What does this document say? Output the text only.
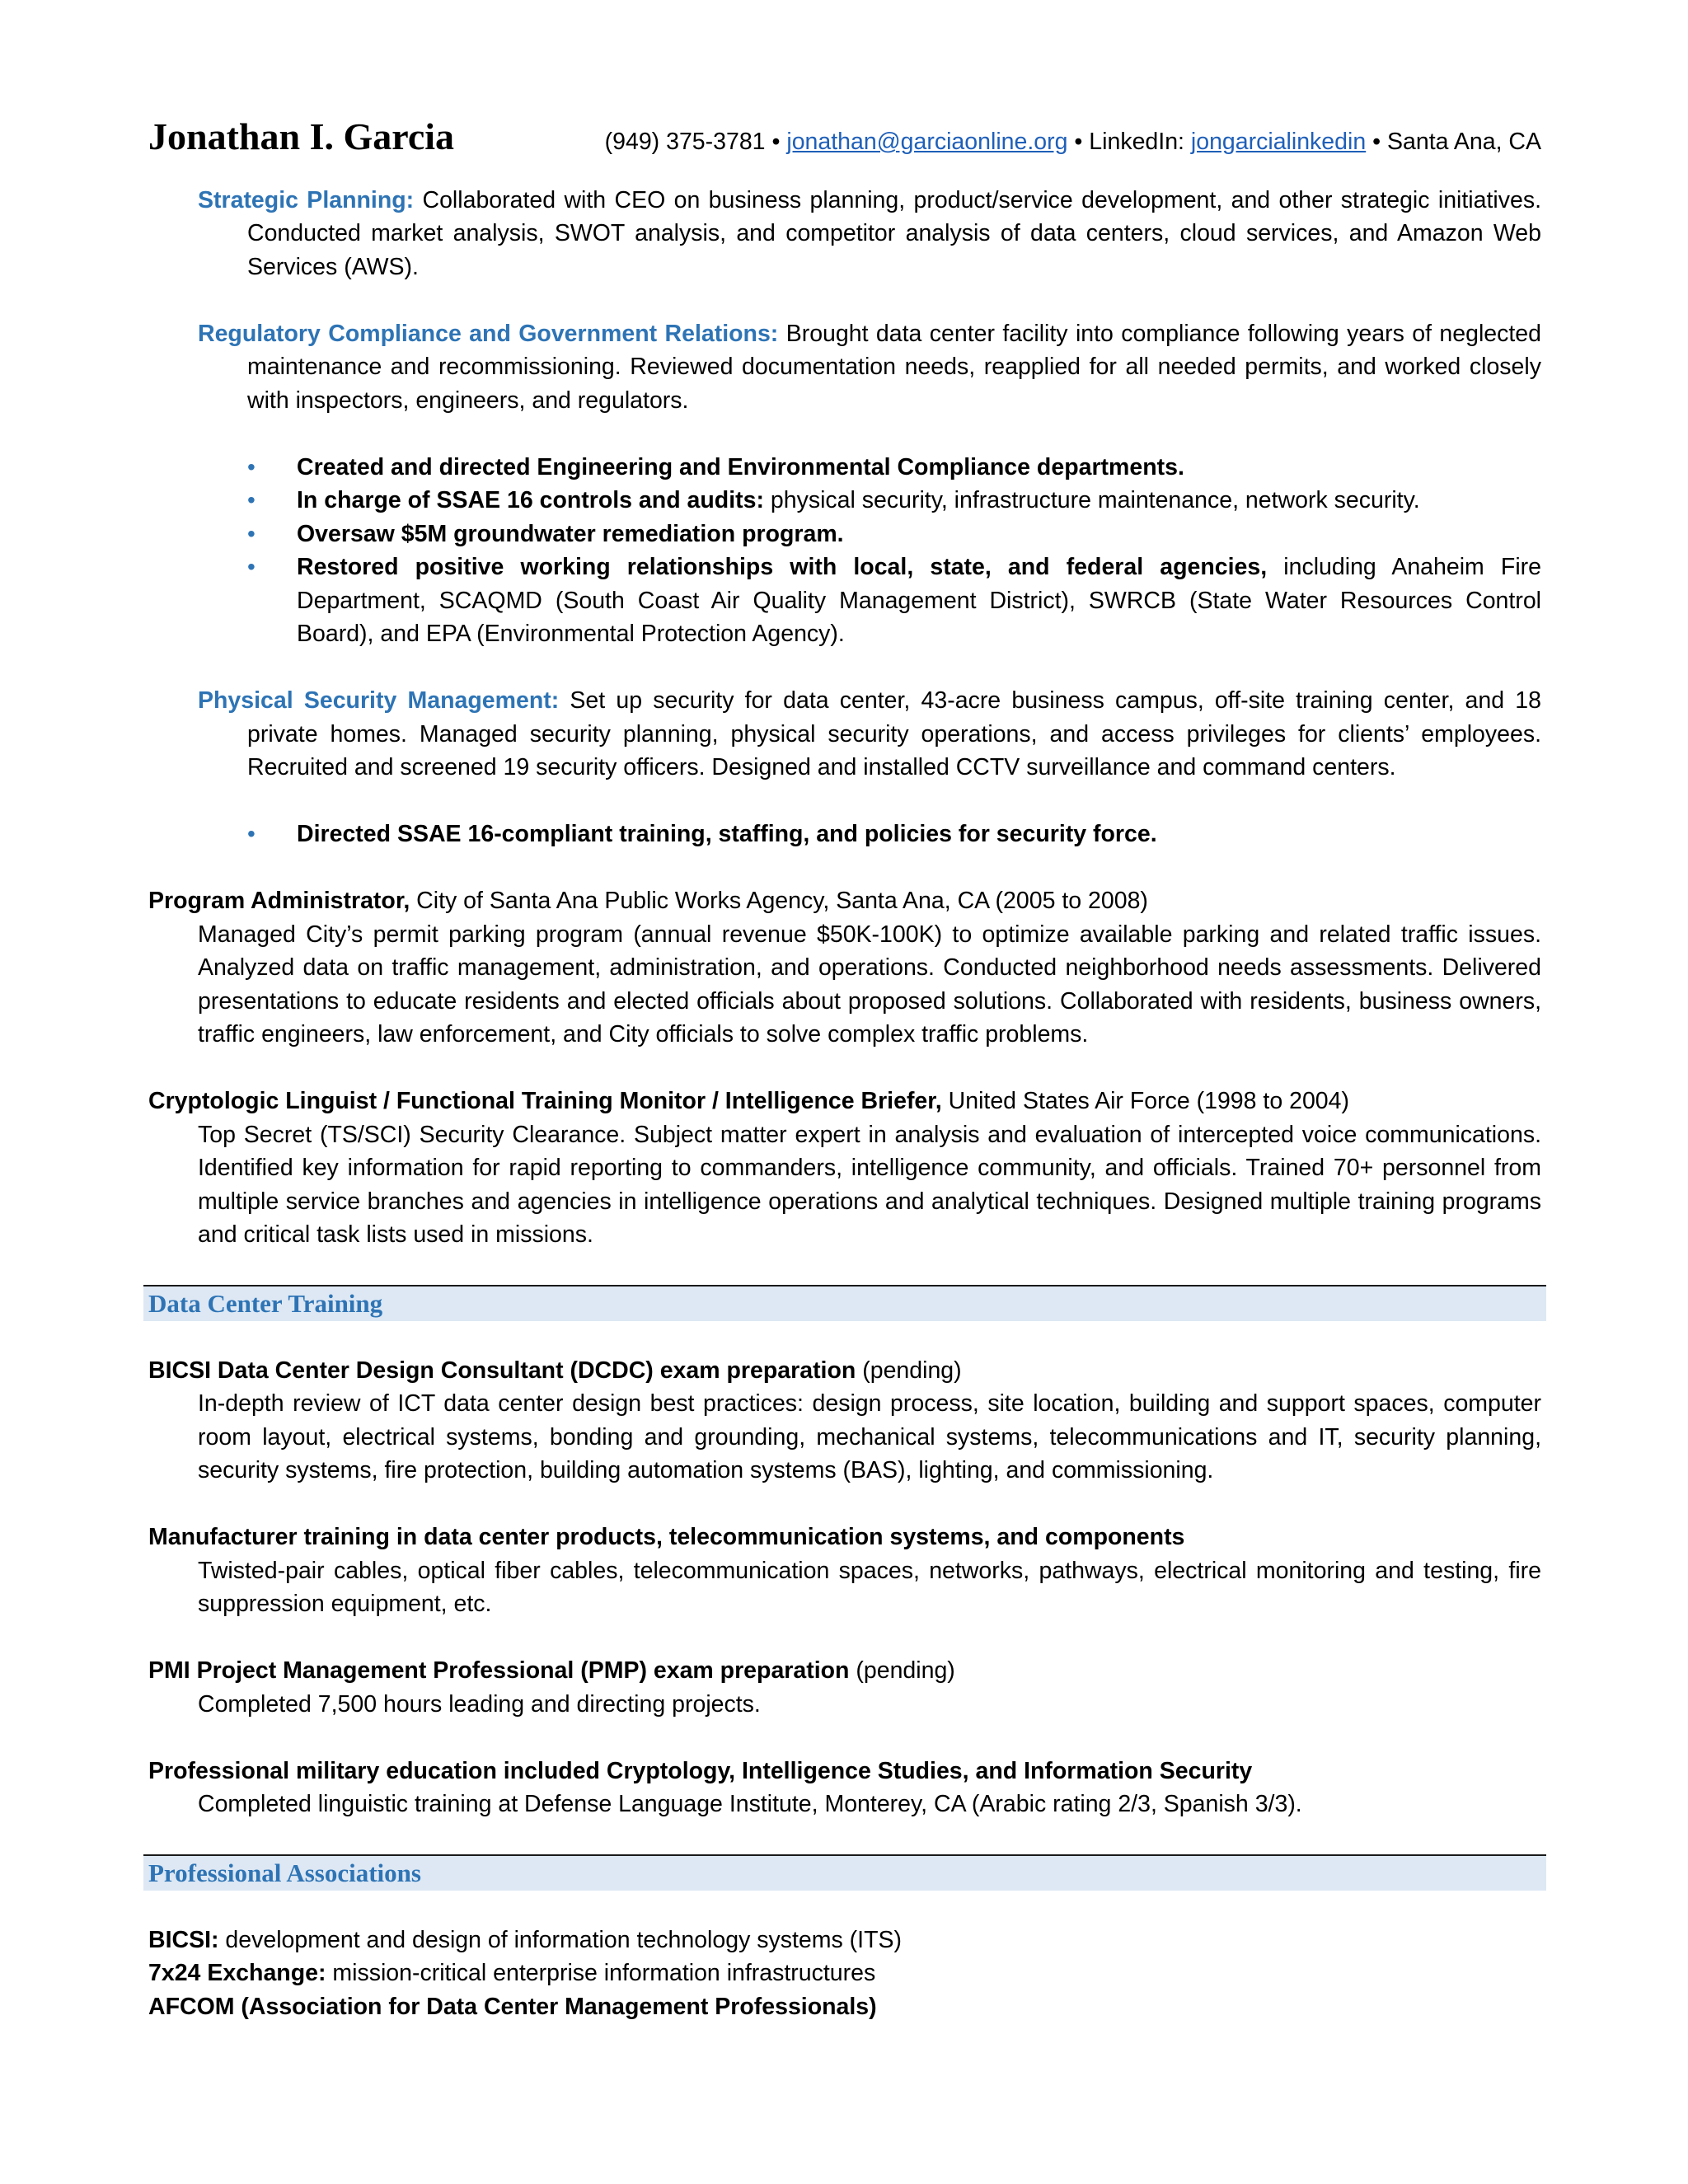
Jonathan I. Garcia	(949) 375-3781 • jonathan@garciaonline.org • LinkedIn: jongarcialinkedin • Santa Ana, CA
Strategic Planning: Collaborated with CEO on business planning, product/service development, and other strategic initiatives. Conducted market analysis, SWOT analysis, and competitor analysis of data centers, cloud services, and Amazon Web Services (AWS).
Regulatory Compliance and Government Relations: Brought data center facility into compliance following years of neglected maintenance and recommissioning. Reviewed documentation needs, reapplied for all needed permits, and worked closely with inspectors, engineers, and regulators.
• Created and directed Engineering and Environmental Compliance departments.
• In charge of SSAE 16 controls and audits: physical security, infrastructure maintenance, network security.
• Oversaw $5M groundwater remediation program.
• Restored positive working relationships with local, state, and federal agencies, including Anaheim Fire Department, SCAQMD (South Coast Air Quality Management District), SWRCB (State Water Resources Control Board), and EPA (Environmental Protection Agency).
Physical Security Management: Set up security for data center, 43-acre business campus, off-site training center, and 18 private homes. Managed security planning, physical security operations, and access privileges for clients’ employees. Recruited and screened 19 security officers. Designed and installed CCTV surveillance and command centers.
• Directed SSAE 16-compliant training, staffing, and policies for security force.
Program Administrator, City of Santa Ana Public Works Agency, Santa Ana, CA (2005 to 2008)
Managed City’s permit parking program (annual revenue $50K-100K) to optimize available parking and related traffic issues. Analyzed data on traffic management, administration, and operations. Conducted neighborhood needs assessments. Delivered presentations to educate residents and elected officials about proposed solutions. Collaborated with residents, business owners, traffic engineers, law enforcement, and City officials to solve complex traffic problems.
Cryptologic Linguist / Functional Training Monitor / Intelligence Briefer, United States Air Force (1998 to 2004)
Top Secret (TS/SCI) Security Clearance. Subject matter expert in analysis and evaluation of intercepted voice communications. Identified key information for rapid reporting to commanders, intelligence community, and officials. Trained 70+ personnel from multiple service branches and agencies in intelligence operations and analytical techniques. Designed multiple training programs and critical task lists used in missions.
Data Center Training
BICSI Data Center Design Consultant (DCDC) exam preparation (pending)
In-depth review of ICT data center design best practices: design process, site location, building and support spaces, computer room layout, electrical systems, bonding and grounding, mechanical systems, telecommunications and IT, security planning, security systems, fire protection, building automation systems (BAS), lighting, and commissioning.
Manufacturer training in data center products, telecommunication systems, and components
Twisted-pair cables, optical fiber cables, telecommunication spaces, networks, pathways, electrical monitoring and testing, fire suppression equipment, etc.
PMI Project Management Professional (PMP) exam preparation (pending)
Completed 7,500 hours leading and directing projects.
Professional military education included Cryptology, Intelligence Studies, and Information Security
Completed linguistic training at Defense Language Institute, Monterey, CA (Arabic rating 2/3, Spanish 3/3).
Professional Associations
BICSI: development and design of information technology systems (ITS)
7x24 Exchange: mission-critical enterprise information infrastructures
AFCOM (Association for Data Center Management Professionals)
